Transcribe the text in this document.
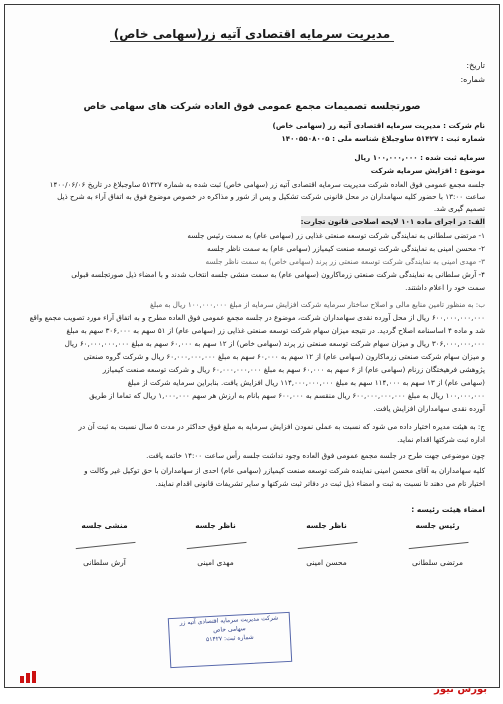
مدیریت سرمایه اقتصادی آتیه زر(سهامی خاص)
تاریخ:
شماره:
صورتجلسه تصمیمات مجمع عمومی فوق العاده شرکت های سهامی خاص
نام شرکت : مدیریت سرمایه اقتصادی آتیه زر (سهامی خاص)
شماره ثبت : ۵۱۴۲۷ ساوجبلاغ شناسه ملی : ۱۴۰۰۵۵۰۸۰۰۵
سرمایه ثبت شده : ۱۰۰,۰۰۰,۰۰۰ ریال
موضوع : افزایش سرمایه شرکت
جلسه مجمع عمومی فوق العاده شرکت مدیریت سرمایه اقتصادی آتیه زر (سهامی خاص) ثبت شده به شماره ۵۱۴۲۷ ساوجبلاغ در تاریخ ۱۴۰۰/۰۶/۰۶
ساعت ۱۳:۰۰ با حضور کلیه سهامداران در محل قانونی شرکت تشکیل و پس از شور و مذاکره در خصوص موضوع فوق به اتفاق آراء به شرح ذیل
تصمیم گیری شد.
الف: در اجرای ماده ۱۰۱ لایحه اصلاحی قانون تجارت:
۱- مرتضی سلطانی به نمایندگی شرکت توسعه صنعتی غذایی زر (سهامی عام) به سمت رئیس جلسه
۲- محسن امینی به نمایندگی شرکت توسعه صنعت کیمیازر (سهامی عام) به سمت ناظر جلسه
۳- مهدی امینی به نمایندگی شرکت توسعه صنعتی زر پرند (سهامی خاص) به سمت ناظر جلسه
۴- آرش سلطانی به نمایندگی شرکت صنعتی زرماکارون (سهامی عام) به سمت منشی جلسه انتخاب شدند و با امضاء ذیل صورتجلسه قبولی
سمت خود را اعلام داشتند.
ب: به منظور تامین منابع مالی و اصلاح ساختار سرمایه شرکت افزایش سرمایه از مبلغ ۱۰۰,۰۰۰,۰۰۰ ریال به مبلغ
۶۰۰,۰۰۰,۰۰۰,۰۰۰ ریال از محل آورده نقدی سهامداران شرکت، موضوع در جلسه مجمع عمومی فوق العاده مطرح و به اتفاق آراء مورد تصویب مجمع واقع
شد و ماده ۴ اساسنامه اصلاح گردید. در نتیجه میزان سهام شرکت توسعه صنعتی غذایی زر (سهامی عام) از ۵۱ سهم به ۳۰۶,۰۰۰ سهم به مبلغ
۳۰۶,۰۰۰,۰۰۰,۰۰۰ ریال و میزان سهام شرکت توسعه صنعتی زر پرند (سهامی خاص) از ۱۲ سهم به ۶۰,۰۰۰ سهم به مبلغ ۶۰,۰۰۰,۰۰۰,۰۰۰ ریال
و میزان سهام شرکت صنعتی زرماکارون (سهامی عام) از ۱۲ سهم به ۶۰,۰۰۰ سهم به مبلغ ۶۰,۰۰۰,۰۰۰,۰۰۰ ریال و شرکت گروه صنعتی
پژوهشی فرهیختگان زرنام (سهامی عام) از ۶ سهم به ۶۰,۰۰۰ سهم به مبلغ ۶۰,۰۰۰,۰۰۰,۰۰۰ ریال و شرکت توسعه صنعت کیمیازر
(سهامی عام) از ۱۳ سهم به ۱۱۴,۰۰۰ سهم به مبلغ ۱۱۴,۰۰۰,۰۰۰,۰۰۰ ریال افزایش یافت. بنابراین سرمایه شرکت از مبلغ
۱۰۰,۰۰۰,۰۰۰ ریال به مبلغ ۶۰۰,۰۰۰,۰۰۰,۰۰۰ ریال منقسم به ۶۰۰,۰۰۰ سهم بانام به ارزش هر سهم ۱,۰۰۰,۰۰۰ ریال که تماما از طریق
آورده نقدی سهامداران افزایش یافت.
ج: به هیئت مدیره اختیار داده می شود که نسبت به عملی نمودن افزایش سرمایه به مبلغ فوق حداکثر در مدت ۵ سال نسبت به ثبت آن در
اداره ثبت شرکتها اقدام نماید.
چون موضوعی جهت طرح در جلسه مجمع عمومی فوق العاده وجود نداشت جلسه رأس ساعت ۱۴:۰۰ خاتمه یافت.
کلیه سهامداران به آقای محسن امینی نماینده شرکت توسعه صنعت کیمیازر (سهامی عام) احدی از سهامداران با حق توکیل غیر وکالت و
اختیار تام می دهند تا نسبت به ثبت و امضاء ذیل ثبت در دفاتر ثبت شرکتها و سایر تشریفات قانونی اقدام نمایند.
امضاء هیئت رئیسه :
رئیس جلسه
مرتضی سلطانی
ناظر جلسه
محسن امینی
ناظر جلسه
مهدی امینی
منشی جلسه
آرش سلطانی
شرکت مدیریت سرمایه اقتصادی آتیه زر
سهامی خاص
شماره ثبت: ۵۱۴۲۷
بورس نیوز
